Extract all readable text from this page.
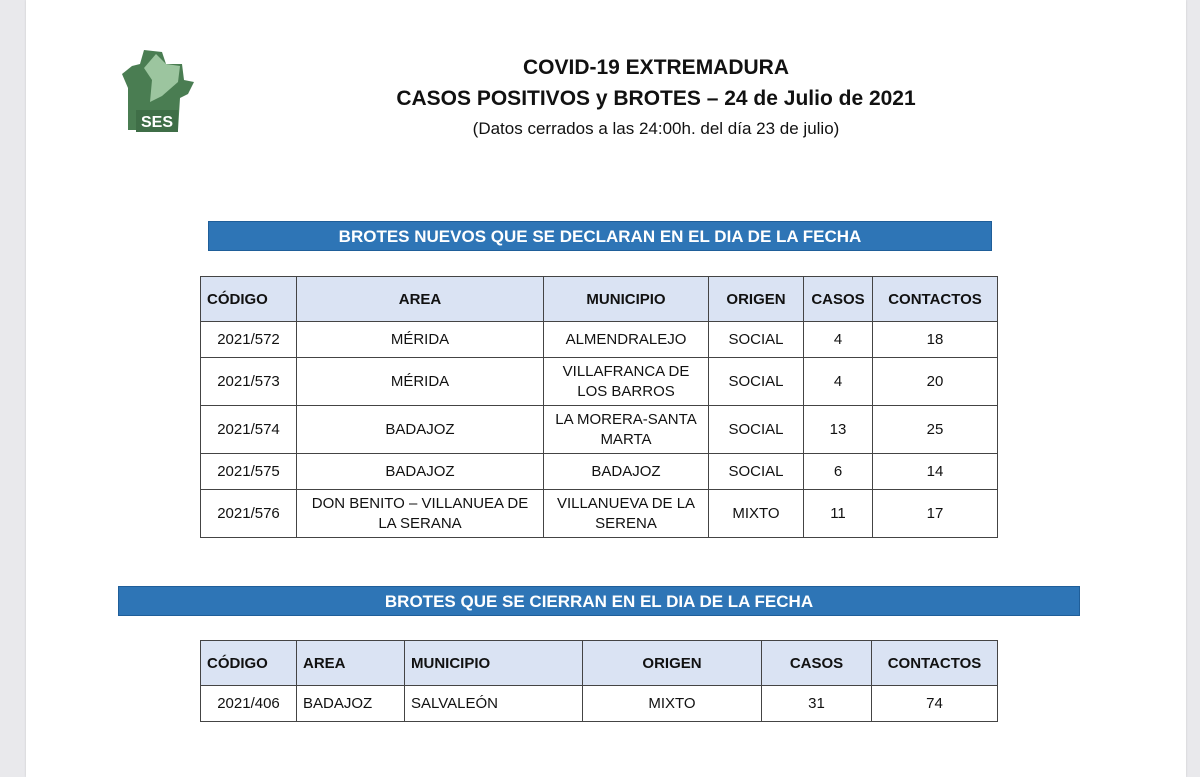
SES
COVID-19 EXTREMADURA
CASOS POSITIVOS y BROTES – 24 de Julio de 2021
(Datos cerrados a las 24:00h. del día 23 de julio)
BROTES NUEVOS QUE SE DECLARAN EN EL DIA DE LA FECHA
CÓDIGO	AREA	MUNICIPIO	ORIGEN	CASOS	CONTACTOS
2021/572	MÉRIDA	ALMENDRALEJO	SOCIAL	4	18
2021/573	MÉRIDA	VILLAFRANCA DE LOS BARROS	SOCIAL	4	20
2021/574	BADAJOZ	LA MORERA-SANTA MARTA	SOCIAL	13	25
2021/575	BADAJOZ	BADAJOZ	SOCIAL	6	14
2021/576	DON BENITO – VILLANUEA DE LA SERANA	VILLANUEVA DE LA SERENA	MIXTO	11	17
BROTES QUE SE CIERRAN EN EL DIA DE LA FECHA
CÓDIGO	AREA	MUNICIPIO	ORIGEN	CASOS	CONTACTOS
2021/406	BADAJOZ	SALVALEÓN	MIXTO	31	74
